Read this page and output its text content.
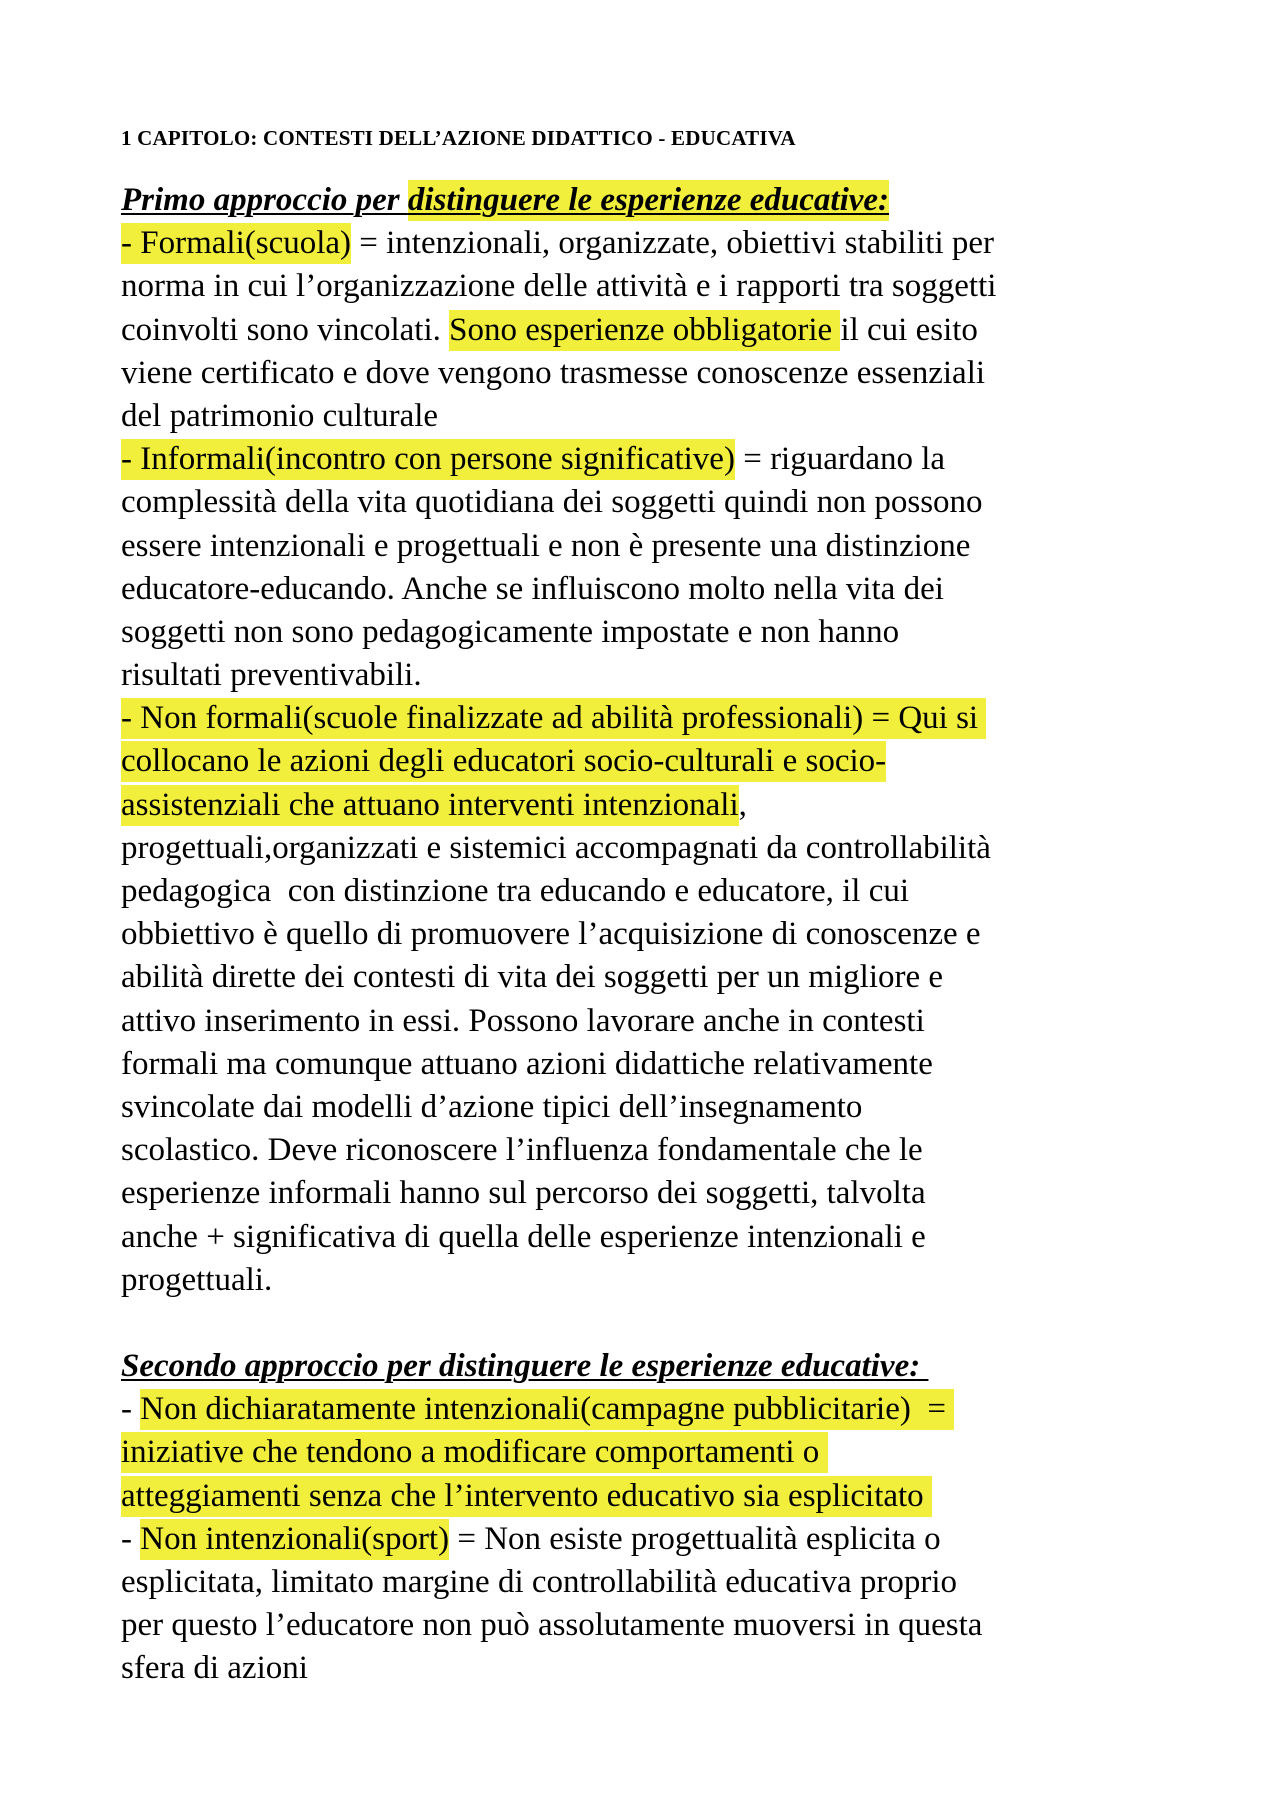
1 CAPITOLO: CONTESTI DELL’AZIONE DIDATTICO - EDUCATIVA
Primo approccio per distinguere le esperienze educative:
- Formali(scuola) = intenzionali, organizzate, obiettivi stabiliti per
norma in cui l’organizzazione delle attività e i rapporti tra soggetti
coinvolti sono vincolati. Sono esperienze obbligatorie il cui esito
viene certificato e dove vengono trasmesse conoscenze essenziali
del patrimonio culturale
- Informali(incontro con persone significative) = riguardano la
complessità della vita quotidiana dei soggetti quindi non possono
essere intenzionali e progettuali e non è presente una distinzione
educatore-educando. Anche se influiscono molto nella vita dei
soggetti non sono pedagogicamente impostate e non hanno
risultati preventivabili.
- Non formali(scuole finalizzate ad abilità professionali) = Qui si
collocano le azioni degli educatori socio-culturali e socio-
assistenziali che attuano interventi intenzionali,
progettuali,organizzati e sistemici accompagnati da controllabilità
pedagogica  con distinzione tra educando e educatore, il cui
obbiettivo è quello di promuovere l’acquisizione di conoscenze e
abilità dirette dei contesti di vita dei soggetti per un migliore e
attivo inserimento in essi. Possono lavorare anche in contesti
formali ma comunque attuano azioni didattiche relativamente
svincolate dai modelli d’azione tipici dell’insegnamento
scolastico. Deve riconoscere l’influenza fondamentale che le
esperienze informali hanno sul percorso dei soggetti, talvolta
anche + significativa di quella delle esperienze intenzionali e
progettuali.
Secondo approccio per distinguere le esperienze educative:
- Non dichiaratamente intenzionali(campagne pubblicitarie)  =
iniziative che tendono a modificare comportamenti o
atteggiamenti senza che l’intervento educativo sia esplicitato
- Non intenzionali(sport) = Non esiste progettualità esplicita o
esplicitata, limitato margine di controllabilità educativa proprio
per questo l’educatore non può assolutamente muoversi in questa
sfera di azioni
